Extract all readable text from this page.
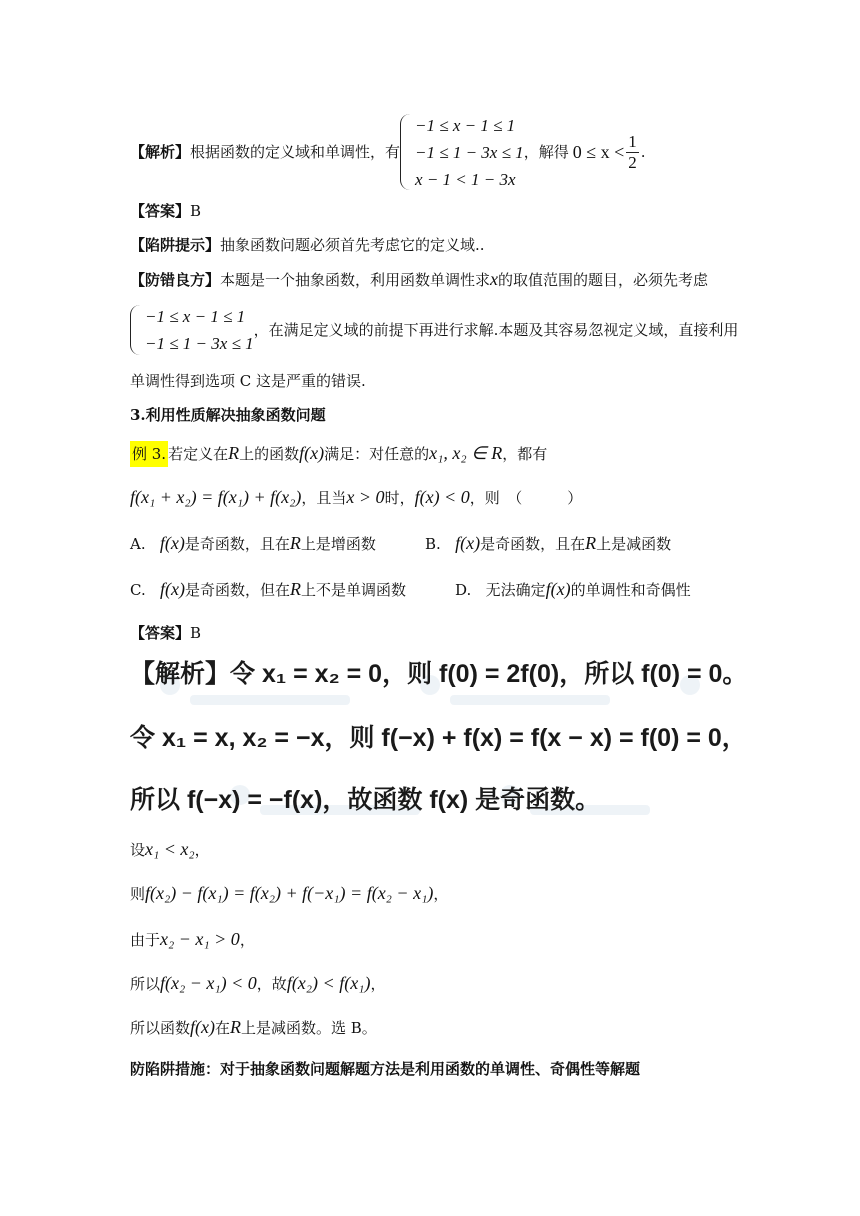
【解析】 根据函数的定义域和单调性，有
−1 ≤ x − 1 ≤ 1
−1 ≤ 1 − 3x ≤ 1
x − 1 < 1 − 3x
，解得 $0 \le x < \frac{1}{2}$ .
【答案】B
【陷阱提示】抽象函数问题必须首先考虑它的定义域..
【防错良方】本题是一个抽象函数，利用函数单调性求x的取值范围的题目，必须先考虑
−1 ≤ x − 1 ≤ 1
−1 ≤ 1 − 3x ≤ 1
，在满足定义域的前提下再进行求解.本题及其容易忽视定义域，直接利用
单调性得到选项 C 这是严重的错误.
3.利用性质解决抽象函数问题
例 3. 若定义在R上的函数f(x)满足：对任意的x₁, x₂ ∈ R，都有
f(x₁ + x₂) = f(x₁) + f(x₂)，且当x > 0时，f(x) < 0，则　（　　　）
A. f(x)是奇函数，且在R上是增函数	B. f(x)是奇函数，且在R上是减函数
C. f(x)是奇函数，但在R上不是单调函数	D. 无法确定f(x)的单调性和奇偶性
【答案】B
【解析】令 x₁ = x₂ = 0，则 f(0) = 2f(0)，所以 f(0) = 0。
令 x₁ = x, x₂ = −x，则 f(−x) + f(x) = f(x − x) = f(0) = 0，
所以 f(−x) = −f(x)，故函数 f(x) 是奇函数。
设x₁ < x₂，
则f(x₂) − f(x₁) = f(x₂) + f(−x₁) = f(x₂ − x₁)，
由于x₂ − x₁ > 0，
所以f(x₂ − x₁) < 0，故f(x₂) < f(x₁)，
所以函数f(x)在R上是减函数。选 B。
防陷阱措施：对于抽象函数问题解题方法是利用函数的单调性、奇偶性等解题
